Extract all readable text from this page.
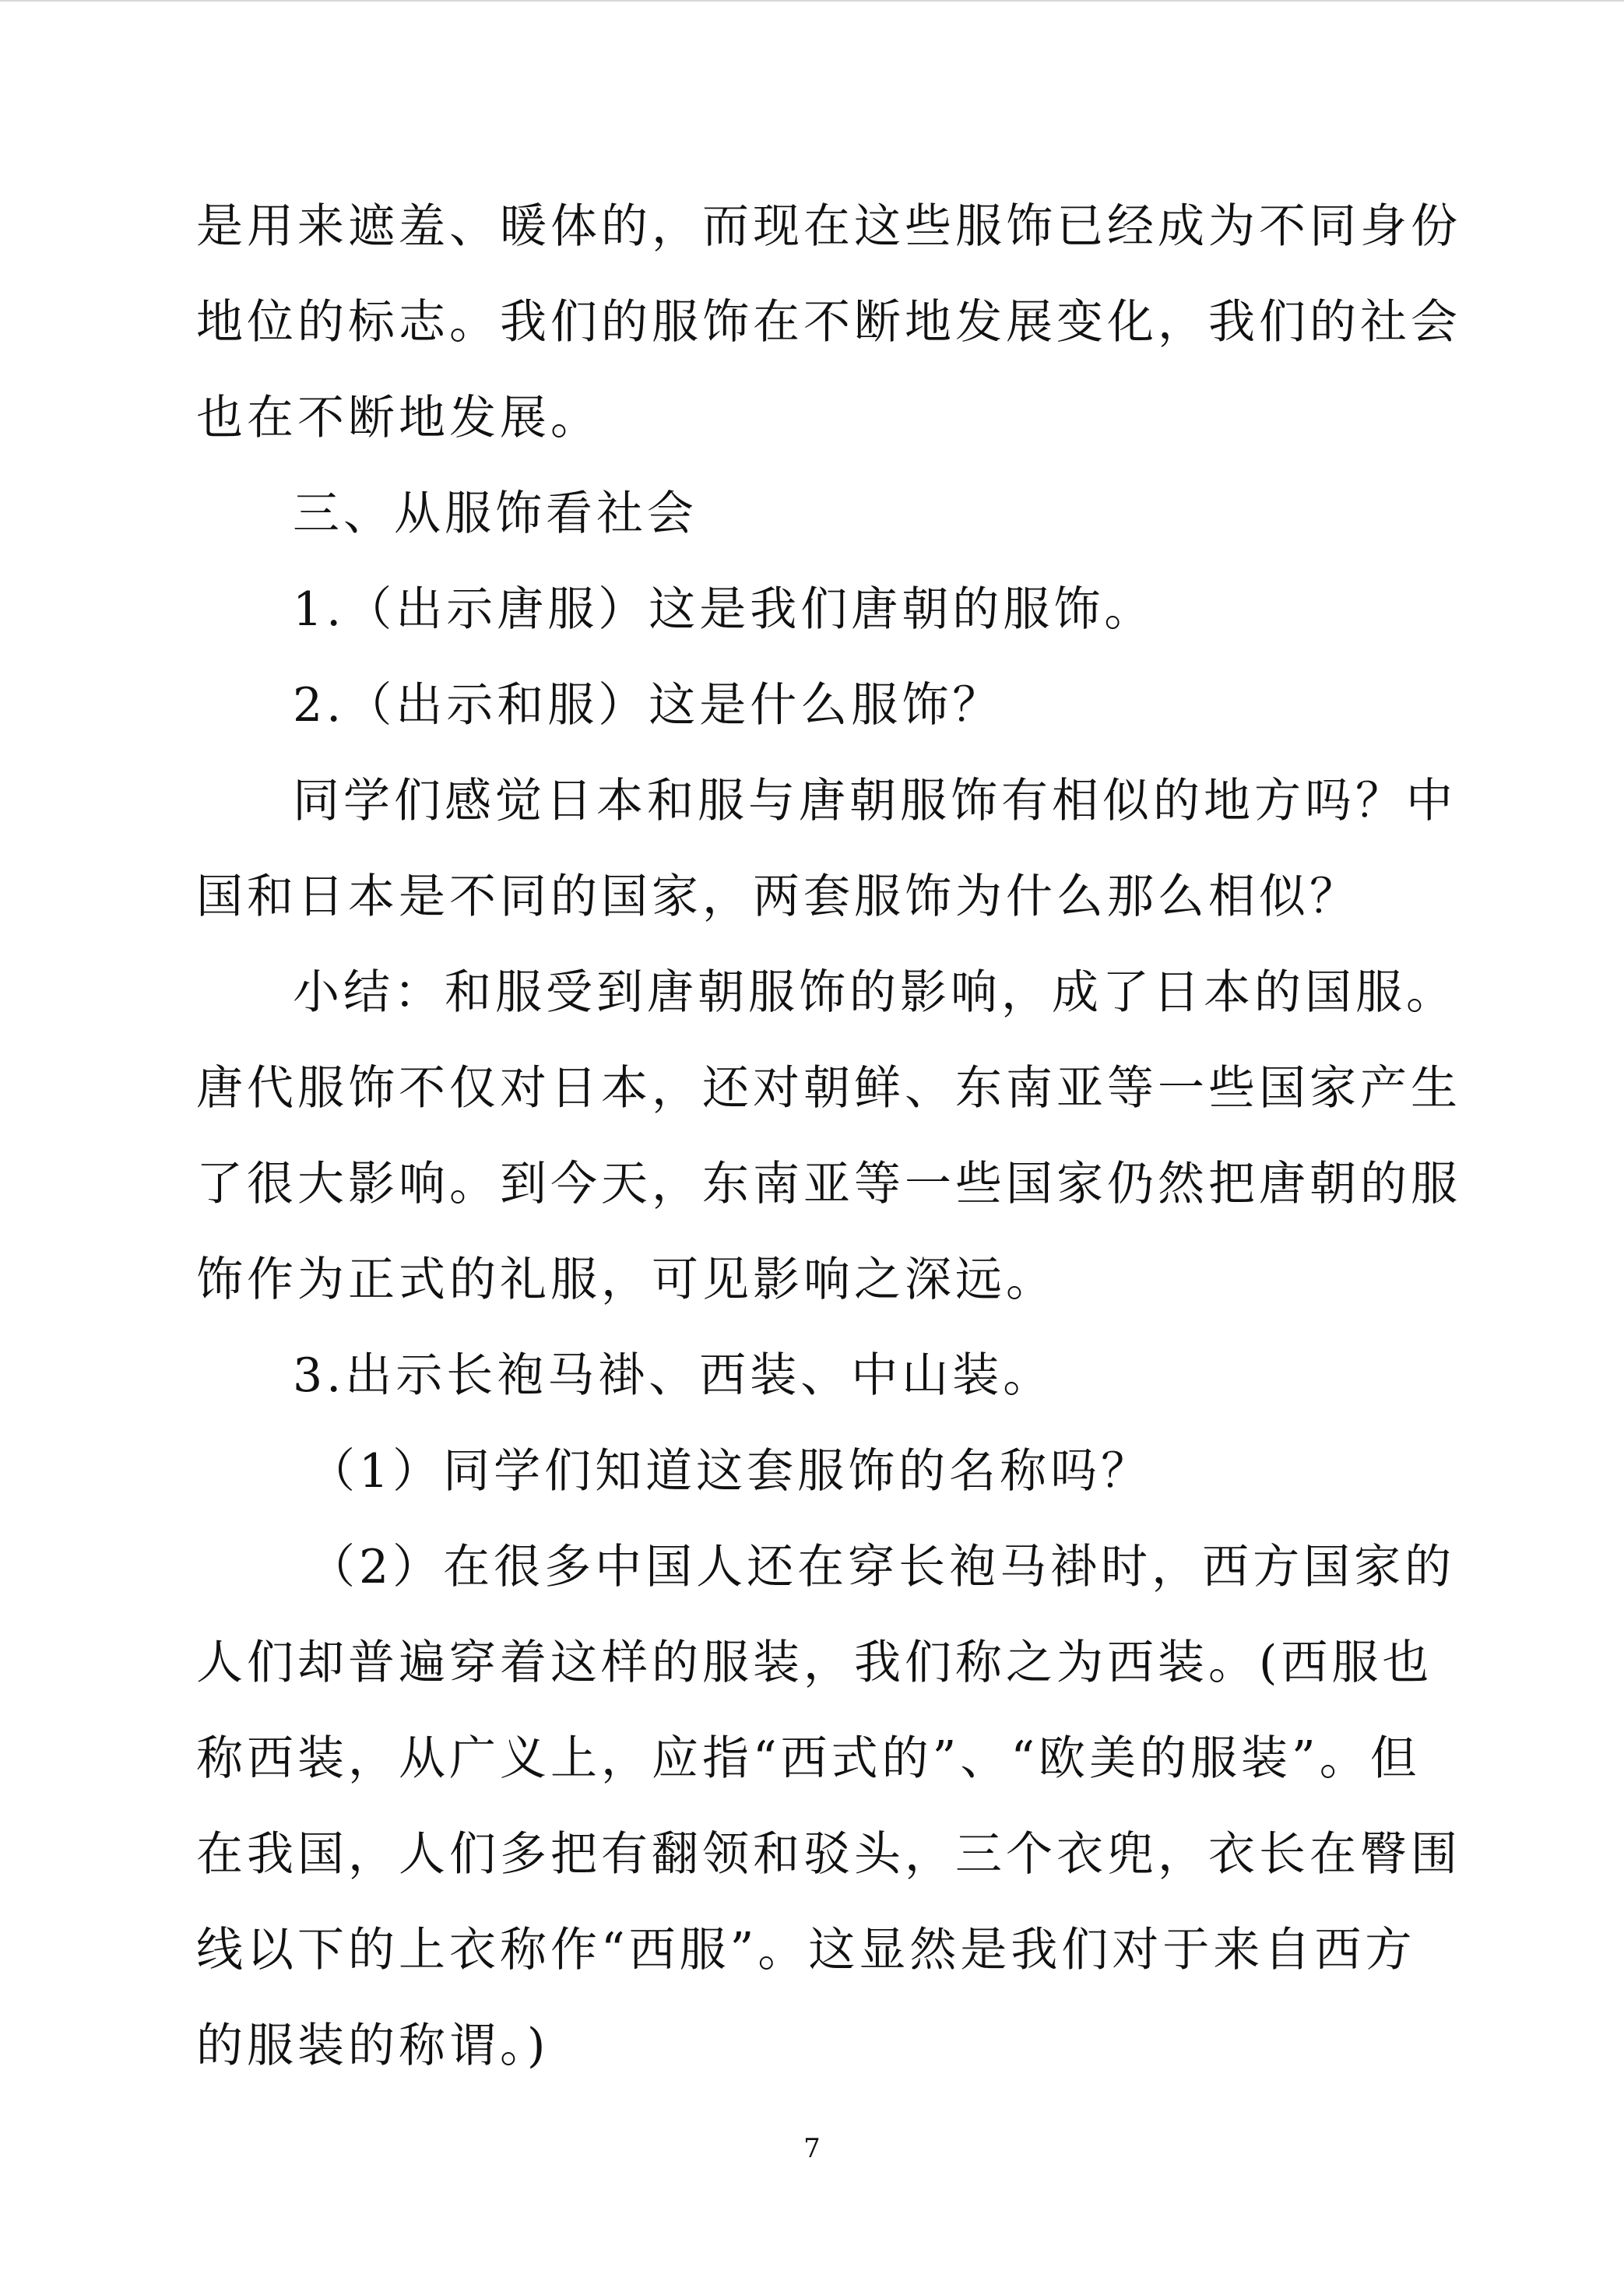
是用来遮羞、暖体的，而现在这些服饰已经成为不同身份
地位的标志。我们的服饰在不断地发展变化，我们的社会
也在不断地发展。
三、从服饰看社会
1.（出示唐服）这是我们唐朝的服饰。
2.（出示和服）这是什么服饰？
同学们感觉日本和服与唐朝服饰有相似的地方吗？中
国和日本是不同的国家，两套服饰为什么那么相似？
小结：和服受到唐朝服饰的影响，成了日本的国服。
唐代服饰不仅对日本，还对朝鲜、东南亚等一些国家产生
了很大影响。到今天，东南亚等一些国家仍然把唐朝的服
饰作为正式的礼服，可见影响之深远。
3.出示长袍马褂、西装、中山装。
（1）同学们知道这套服饰的名称吗？
（2）在很多中国人还在穿长袍马褂时，西方国家的
人们却普遍穿着这样的服装，我们称之为西装。(西服也
称西装，从广义上，应指“西式的”、“欧美的服装”。但
在我国，人们多把有翻领和驳头，三个衣兜，衣长在臀围
线以下的上衣称作“西服”。这显然是我们对于来自西方
的服装的称谓。)
7
